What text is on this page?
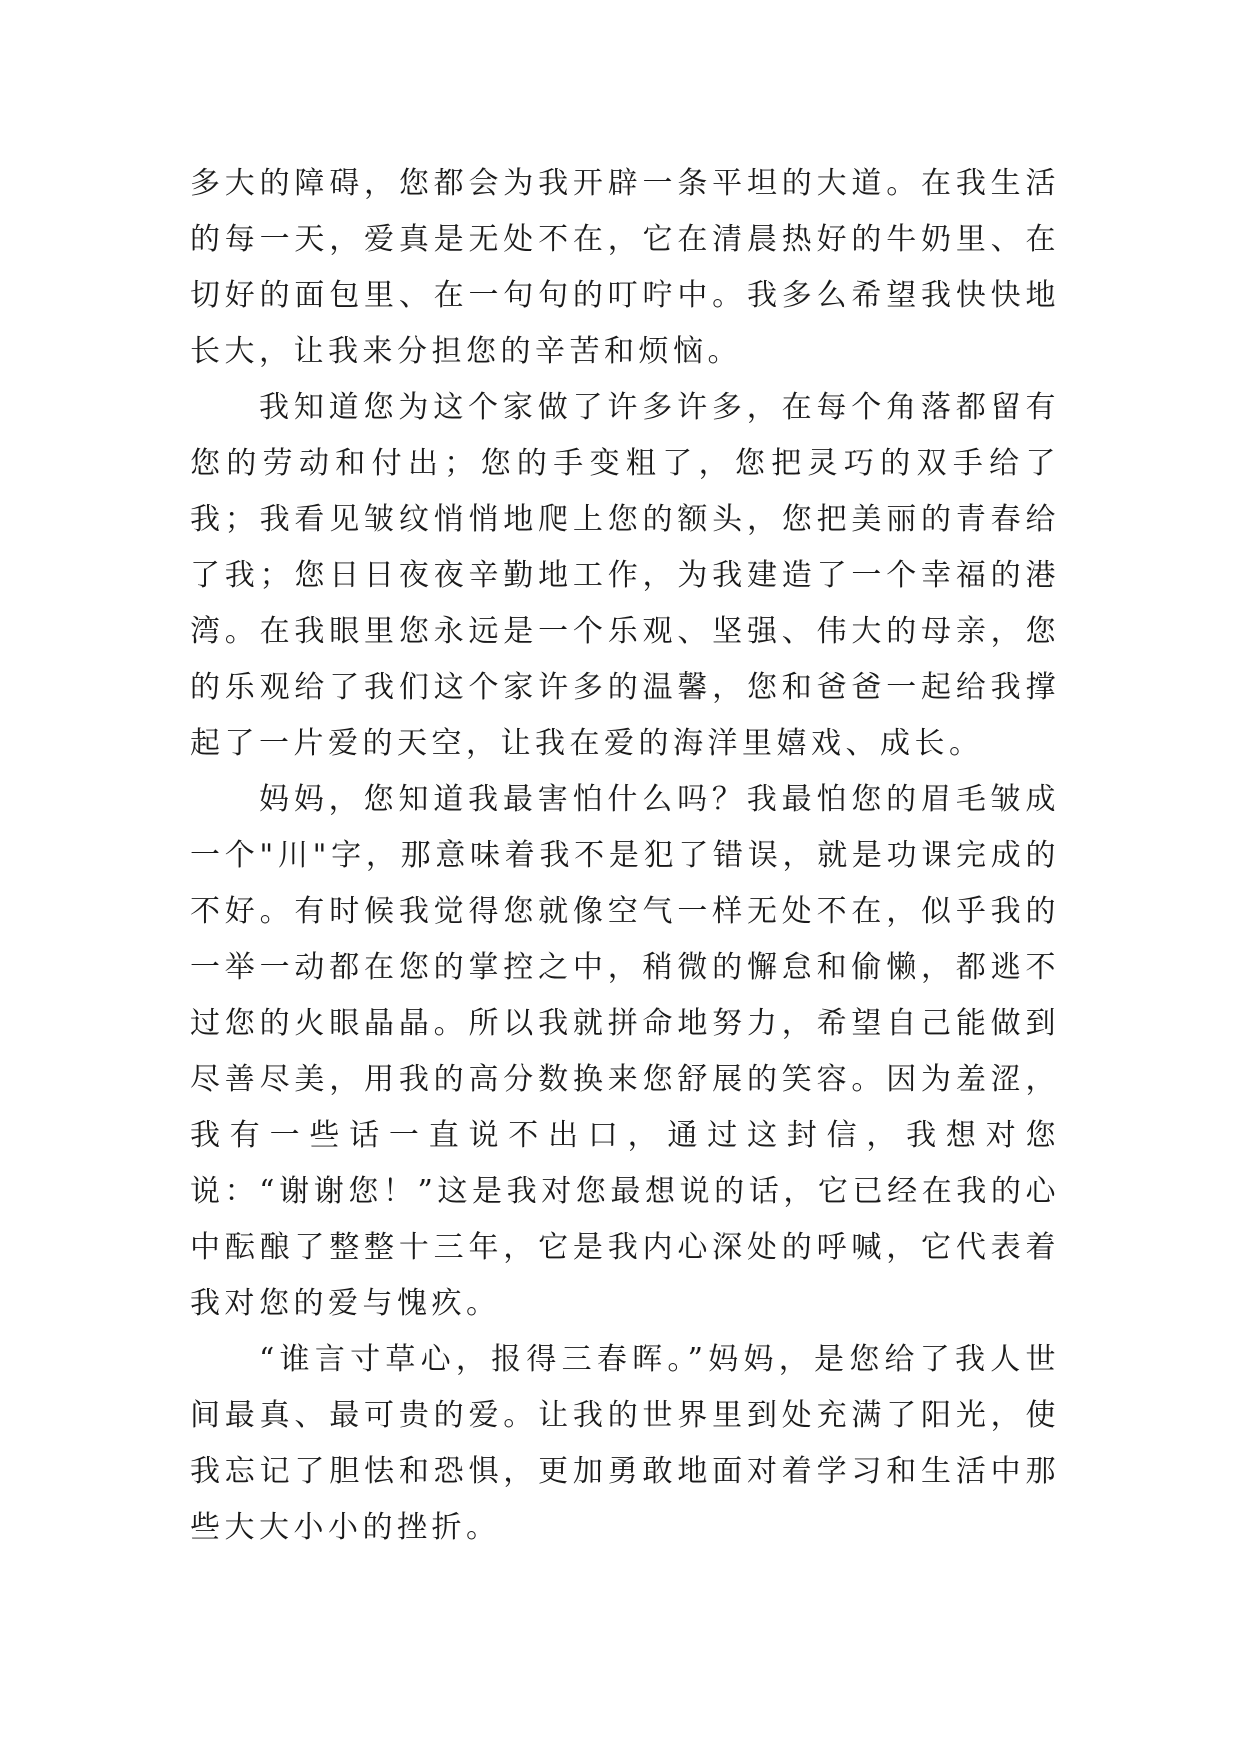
多大的障碍，您都会为我开辟一条平坦的大道。在我生活的每一天，爱真是无处不在，它在清晨热好的牛奶里、在切好的面包里、在一句句的叮咛中。我多么希望我快快地长大，让我来分担您的辛苦和烦恼。

我知道您为这个家做了许多许多，在每个角落都留有您的劳动和付出；您的手变粗了，您把灵巧的双手给了我；我看见皱纹悄悄地爬上您的额头，您把美丽的青春给了我；您日日夜夜辛勤地工作，为我建造了一个幸福的港湾。在我眼里您永远是一个乐观、坚强、伟大的母亲，您的乐观给了我们这个家许多的温馨，您和爸爸一起给我撑起了一片爱的天空，让我在爱的海洋里嬉戏、成长。

妈妈，您知道我最害怕什么吗？我最怕您的眉毛皱成一个"川"字，那意味着我不是犯了错误，就是功课完成的不好。有时候我觉得您就像空气一样无处不在，似乎我的一举一动都在您的掌控之中，稍微的懈怠和偷懒，都逃不过您的火眼晶晶。所以我就拼命地努力，希望自己能做到尽善尽美，用我的高分数换来您舒展的笑容。因为羞涩，我有一些话一直说不出口，通过这封信，我想对您说：“谢谢您！”这是我对您最想说的话，它已经在我的心中酝酿了整整十三年，它是我内心深处的呼喊，它代表着我对您的爱与愧疚。

“谁言寸草心，报得三春晖。”妈妈，是您给了我人世间最真、最可贵的爱。让我的世界里到处充满了阳光，使我忘记了胆怯和恐惧，更加勇敢地面对着学习和生活中那些大大小小的挫折。
